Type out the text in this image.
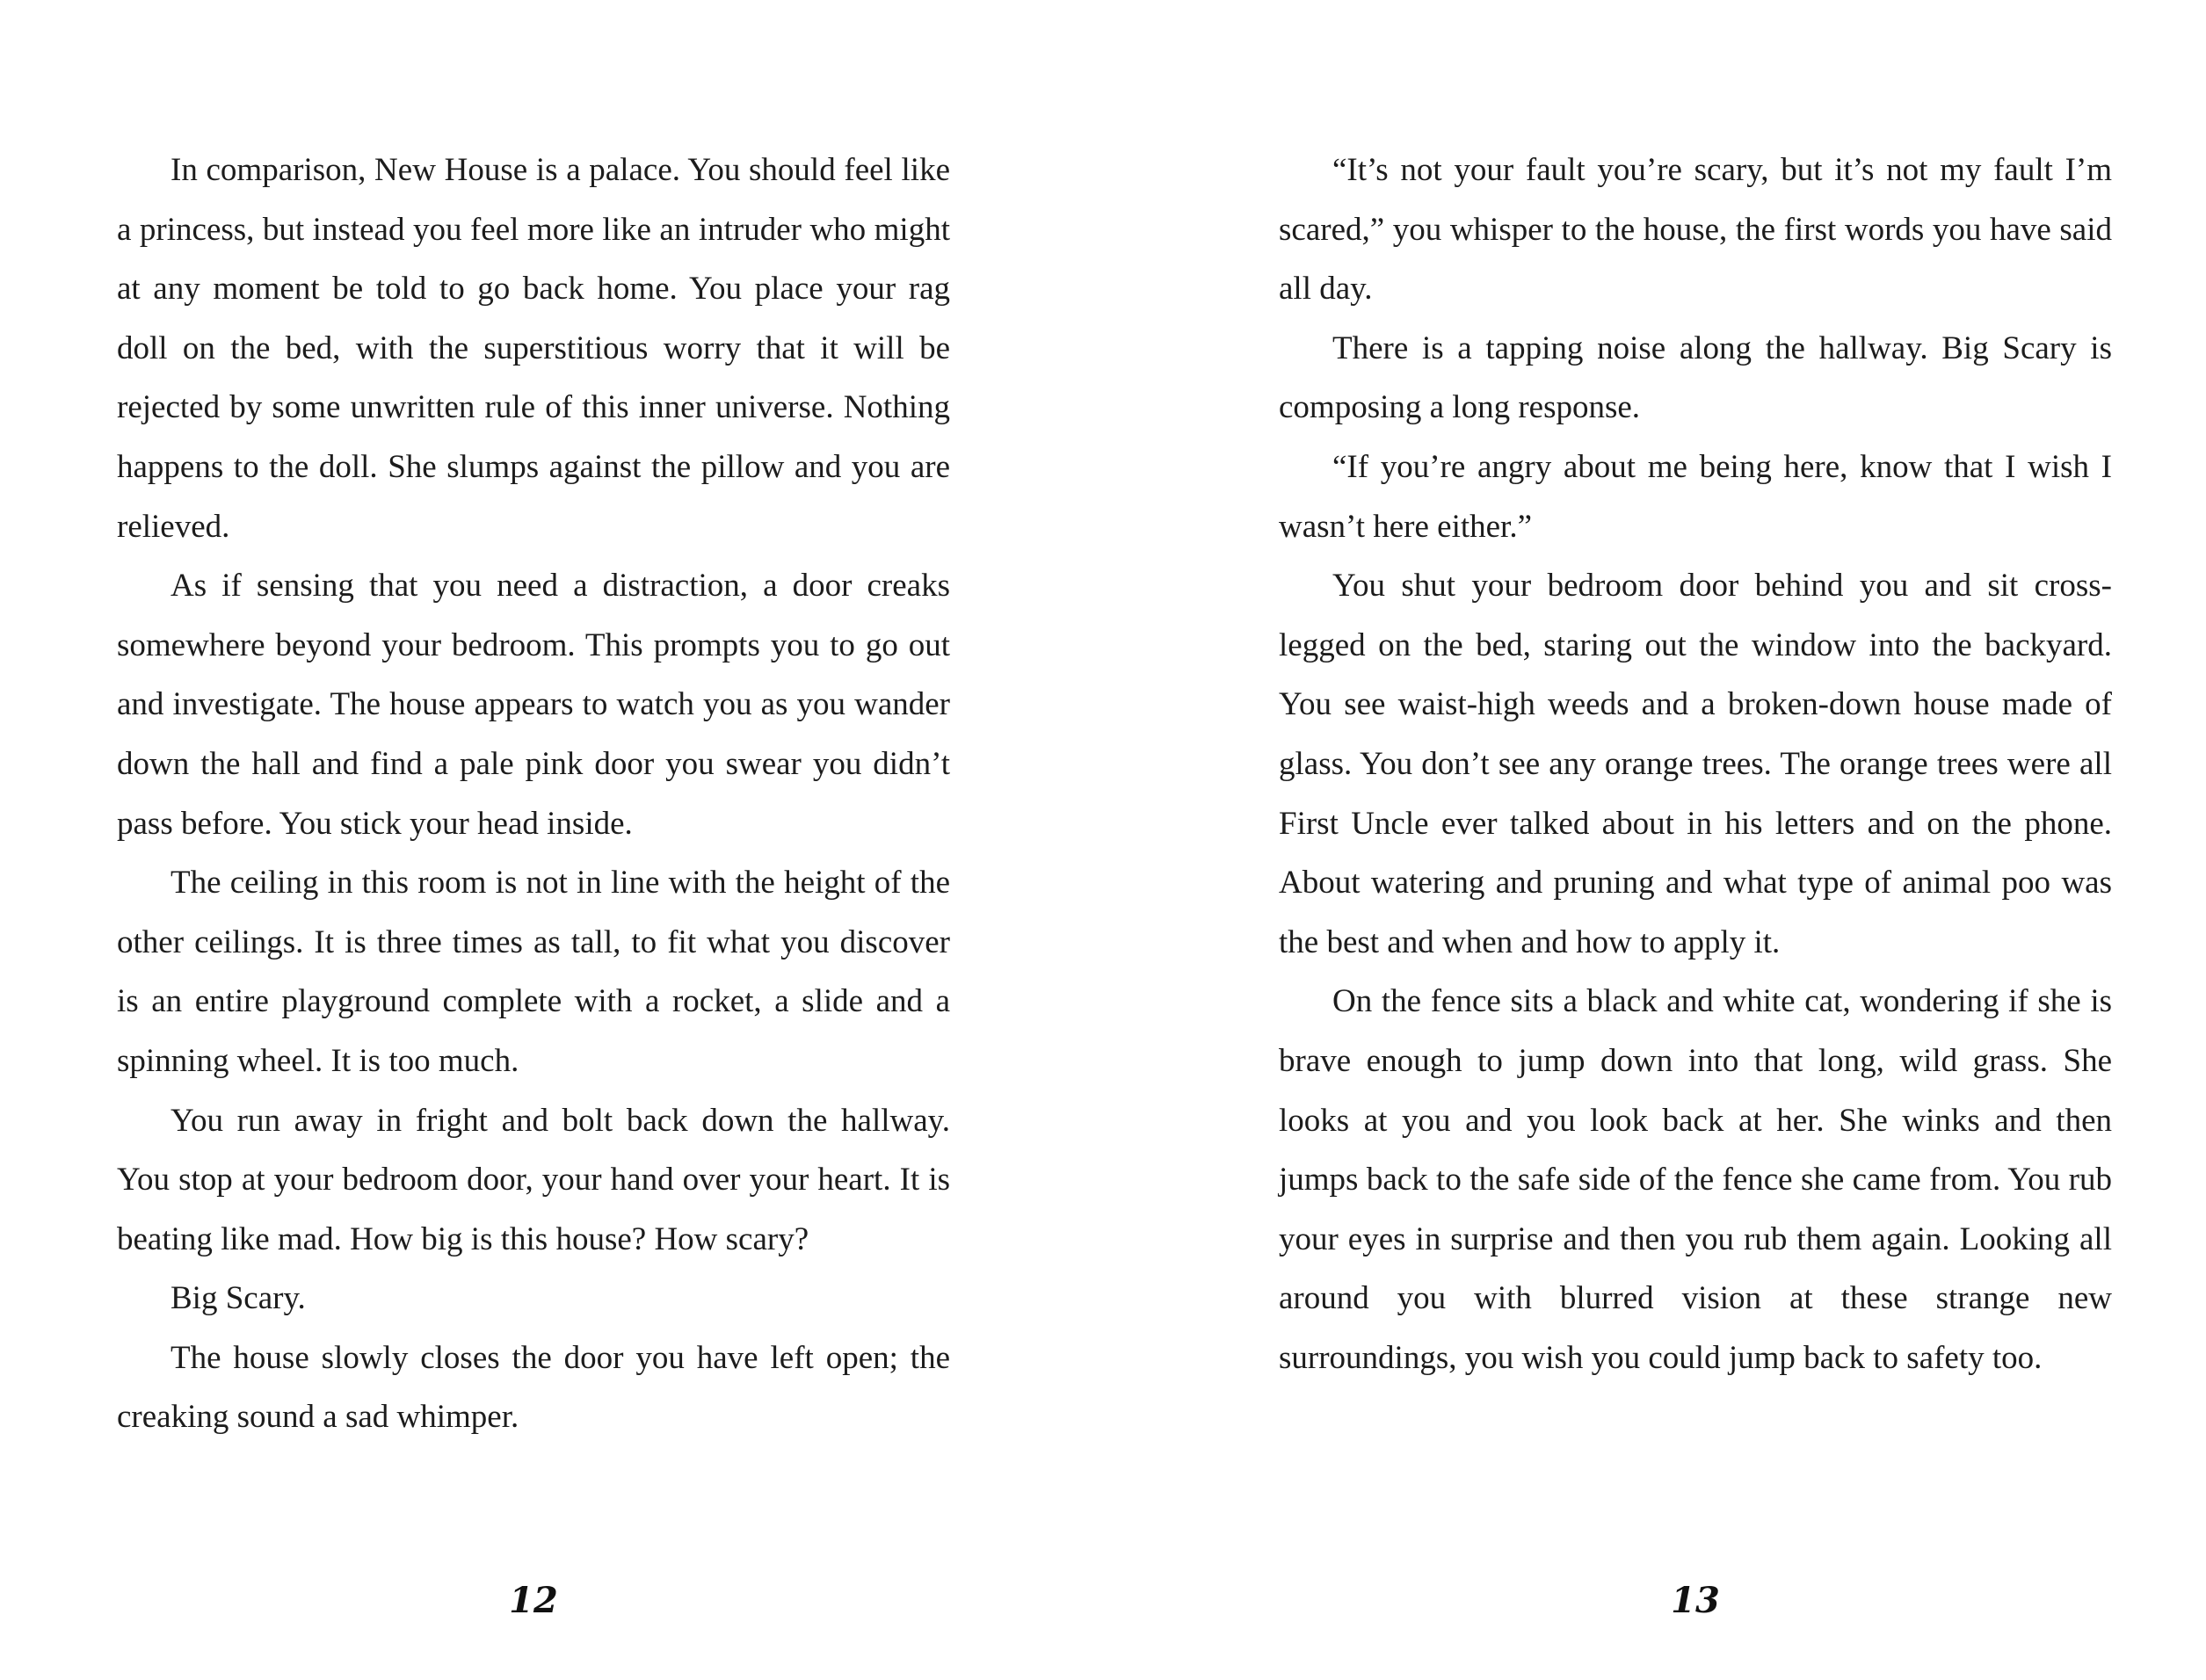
In comparison, New House is a palace. You should feel like a princess, but instead you feel more like an intruder who might at any moment be told to go back home. You place your rag doll on the bed, with the superstitious worry that it will be rejected by some unwritten rule of this inner universe. Nothing happens to the doll. She slumps against the pillow and you are relieved.

As if sensing that you need a distraction, a door creaks somewhere beyond your bedroom. This prompts you to go out and investigate. The house appears to watch you as you wander down the hall and find a pale pink door you swear you didn’t pass before. You stick your head inside.

The ceiling in this room is not in line with the height of the other ceilings. It is three times as tall, to fit what you discover is an entire playground complete with a rocket, a slide and a spinning wheel. It is too much.

You run away in fright and bolt back down the hallway. You stop at your bedroom door, your hand over your heart. It is beating like mad. How big is this house? How scary?

Big Scary.

The house slowly closes the door you have left open; the creaking sound a sad whimper.

12

“It’s not your fault you’re scary, but it’s not my fault I’m scared,” you whisper to the house, the first words you have said all day.

There is a tapping noise along the hallway. Big Scary is composing a long response.

“If you’re angry about me being here, know that I wish I wasn’t here either.”

You shut your bedroom door behind you and sit cross-legged on the bed, staring out the window into the backyard. You see waist-high weeds and a broken-down house made of glass. You don’t see any orange trees. The orange trees were all First Uncle ever talked about in his letters and on the phone. About watering and pruning and what type of animal poo was the best and when and how to apply it.

On the fence sits a black and white cat, wondering if she is brave enough to jump down into that long, wild grass. She looks at you and you look back at her. She winks and then jumps back to the safe side of the fence she came from. You rub your eyes in surprise and then you rub them again. Looking all around you with blurred vision at these strange new surroundings, you wish you could jump back to safety too.

13
